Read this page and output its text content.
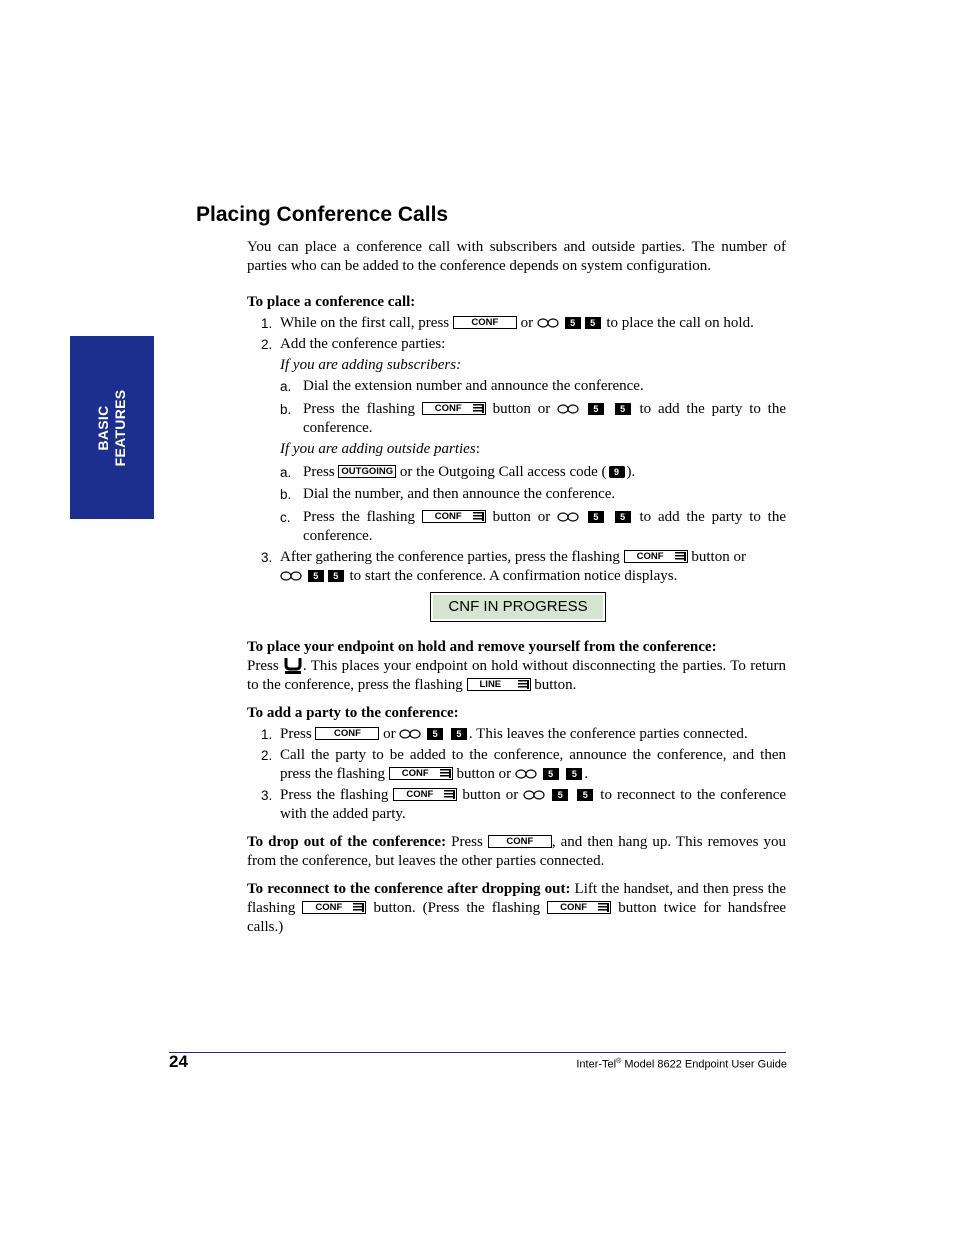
BASIC FEATURES
Placing Conference Calls

You can place a conference call with subscribers and outside parties. The number of parties who can be added to the conference depends on system configuration.

To place a conference call:

1. While on the first call, press CONF or	5 5 to place the call on hold.
2. Add the conference parties:

If you are adding subscribers:

a. Dial the extension number and announce the conference.
b. Press the flashing CONF button or	5 5 to add the party to the conference.

If you are adding outside parties:

a. Press OUTGOING or the Outgoing Call access code ( 9 ).
b. Dial the number, and then announce the conference.
c. Press the flashing CONF button or	5 5 to add the party to the conference.
3. After gathering the conference parties, press the flashing CONF button or
5 5 to start the conference. A confirmation notice displays.
CNF IN PROGRESS

To place your endpoint on hold and remove yourself from the conference:

Press . This places your endpoint on hold without disconnecting the parties. To return to the conference, press the flashing LINE button.

To add a party to the conference:

1. Press CONF or	5 5 . This leaves the conference parties connected.
2. Call the party to be added to the conference, announce the conference, and then press the flashing CONF button or	5 5 .
3. Press the flashing CONF button or	5 5 to reconnect to the conference with the added party.

To drop out of the conference: Press CONF , and then hang up. This removes you from the conference, but leaves the other parties connected.

To reconnect to the conference after dropping out: Lift the handset, and then press the flashing CONF button. (Press the flashing CONF button twice for handsfree calls.)

24	Inter-Tel® Model 8622 Endpoint User Guide
